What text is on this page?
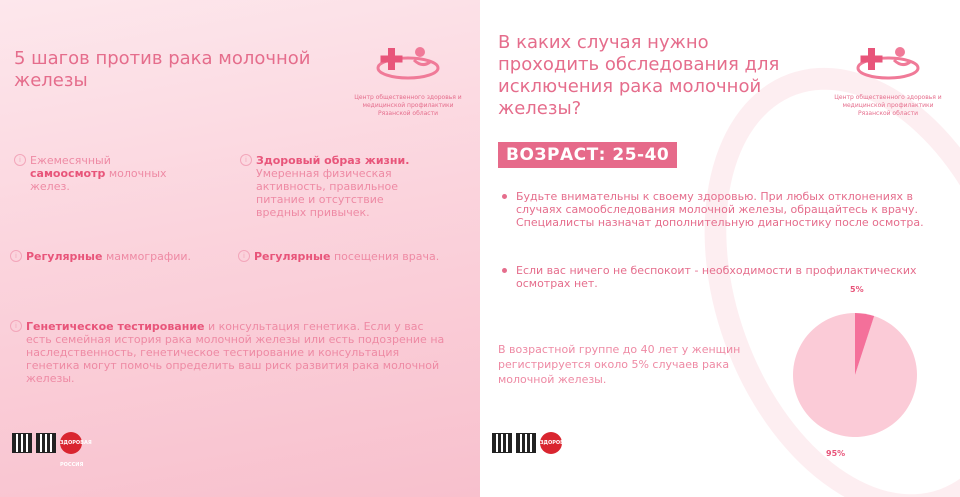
5 шагов против рака молочной железы
Центр общественного здоровья и медицинской профилактики Рязанской области
i Ежемесячный
самоосмотр молочных желез.
i Здоровый образ жизни.
Умеренная физическая активность, правильное питание и отсутствие вредных привычек.
i Регулярные маммографии.	i Регулярные посещения врача.
i Генетическое тестирование и консультация генетика. Если у вас есть семейная история рака молочной железы или есть подозрение на наследственность, генетическое тестирование и консультация генетика могут помочь определить ваш риск развития рака молочной железы.
ЗДОРОВАЯ РОССИЯ
В каких случая нужно проходить обследования для исключения рака молочной железы?
Центр общественного здоровья и медицинской профилактики Рязанской области
ВОЗРАСТ: 25-40
Будьте внимательны к своему здоровью. При любых отклонениях в случаях самообследования молочной железы, обращайтесь к врачу. Специалисты назначат дополнительную диагностику после осмотра.
Если вас ничего не беспокоит - необходимости в профилактических осмотрах нет.
В возрастной группе до 40 лет у женщин регистрируется около 5% случаев рака молочной железы.
ЗДОРОВАЯ РОССИЯ
5%
95%
